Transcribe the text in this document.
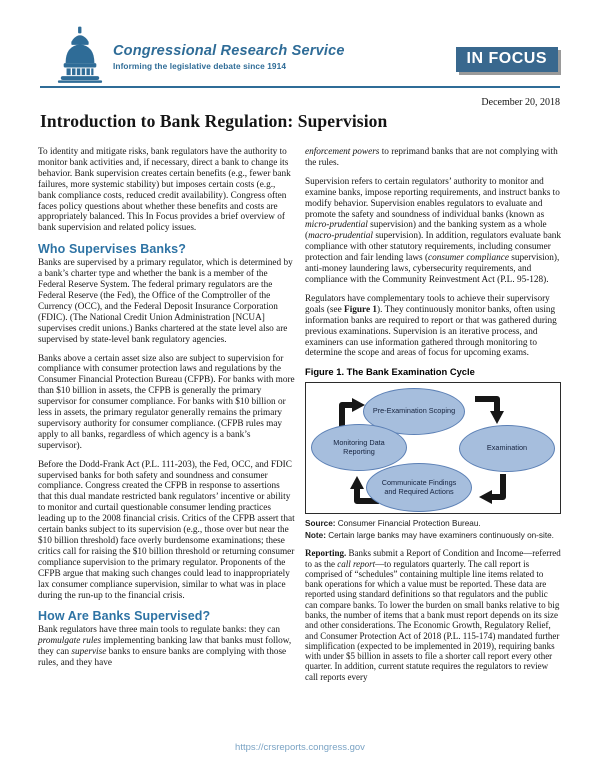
Congressional Research Service
Informing the legislative debate since 1914	IN FOCUS
December 20, 2018
Introduction to Bank Regulation: Supervision

To identity and mitigate risks, bank regulators have the authority to monitor bank activities and, if necessary, direct a bank to change its behavior. Bank supervision creates certain benefits (e.g., fewer bank failures, more systemic stability) but imposes certain costs (e.g., bank compliance costs, reduced credit availability). Congress often faces policy questions about whether these benefits and costs are appropriately balanced. This In Focus provides a brief overview of bank supervision and related policy issues.

Who Supervises Banks?

Banks are supervised by a primary regulator, which is determined by a bank’s charter type and whether the bank is a member of the Federal Reserve System. The federal primary regulators are the Federal Reserve (the Fed), the Office of the Comptroller of the Currency (OCC), and the Federal Deposit Insurance Corporation (FDIC). (The National Credit Union Administration [NCUA] supervises credit unions.) Banks chartered at the state level also are supervised by state-level bank regulatory agencies.

Banks above a certain asset size also are subject to supervision for compliance with consumer protection laws and regulations by the Consumer Financial Protection Bureau (CFPB). For banks with more than $10 billion in assets, the CFPB is generally the primary supervisor for consumer compliance. For banks with $10 billion or less in assets, the primary regulator generally remains the primary supervisory authority for consumer compliance. (CFPB rules may apply to all banks, regardless of which agency is a bank’s supervisor).

Before the Dodd-Frank Act (P.L. 111-203), the Fed, OCC, and FDIC supervised banks for both safety and soundness and consumer compliance. Congress created the CFPB in response to assertions that this dual mandate restricted bank regulators’ incentive or ability to monitor and curtail questionable consumer lending practices leading up to the 2008 financial crisis. Critics of the CFPB assert that certain banks subject to its supervision (e.g., those over but near the $10 billion threshold) face overly burdensome examinations; these critics call for raising the $10 billion threshold or returning consumer compliance supervision to the primary regulator. Proponents of the CFPB argue that making such changes could lead to inappropriately lax consumer compliance supervision, similar to what was in place during the run-up to the financial crisis.

How Are Banks Supervised?

Bank regulators have three main tools to regulate banks: they can promulgate rules implementing banking law that banks must follow, they can supervise banks to ensure banks are complying with those rules, and they have

enforcement powers to reprimand banks that are not complying with the rules.

Supervision refers to certain regulators’ authority to monitor and examine banks, impose reporting requirements, and instruct banks to modify behavior. Supervision enables regulators to evaluate and promote the safety and soundness of individual banks (known as micro-prudential supervision) and the banking system as a whole (macro-prudential supervision). In addition, regulators evaluate bank compliance with other statutory requirements, including consumer protection and fair lending laws (consumer compliance supervision), anti-money laundering laws, cybersecurity requirements, and compliance with the Community Reinvestment Act (P.L. 95-128).

Regulators have complementary tools to achieve their supervisory goals (see Figure 1). They continuously monitor banks, often using information banks are required to report or that was gathered during previous examinations. Supervision is an iterative process, and examiners can use information gathered through monitoring to determine the scope and areas of focus for upcoming exams.

Figure 1. The Bank Examination Cycle
Pre-Examination Scoping
Examination
Communicate Findings and Required Actions
Monitoring Data Reporting
Source: Consumer Financial Protection Bureau.
Note: Certain large banks may have examiners continuously on-site.

Reporting. Banks submit a Report of Condition and Income—referred to as the call report—to regulators quarterly. The call report is comprised of “schedules” containing multiple line items related to bank operations for which a value must be reported. These data are reported using standard definitions so that regulators and the public can compare banks. To lower the burden on small banks relative to big banks, the number of items that a bank must report depends on its size and other considerations. The Economic Growth, Regulatory Relief, and Consumer Protection Act of 2018 (P.L. 115-174) mandated further simplification (expected to be implemented in 2019), requiring banks with under $5 billion in assets to file a shorter call report every other quarter. In addition, current statute requires the regulators to review call reports every

https://crsreports.congress.gov
